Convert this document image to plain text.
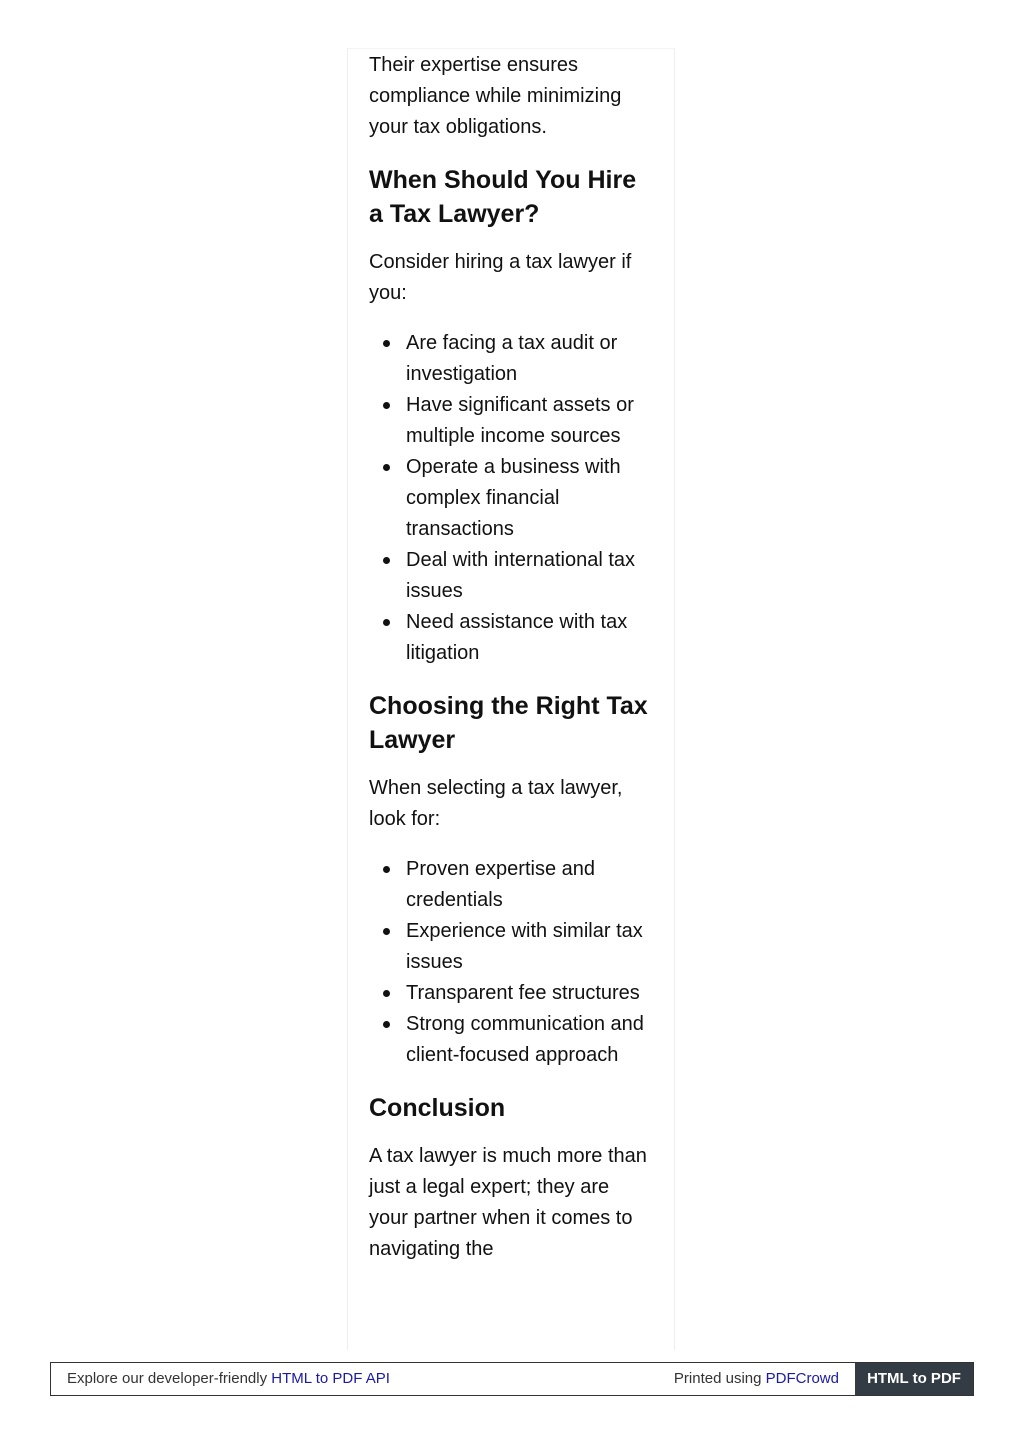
Their expertise ensures compliance while minimizing your tax obligations.

When Should You Hire a Tax Lawyer?

Consider hiring a tax lawyer if you:

Are facing a tax audit or investigation
Have significant assets or multiple income sources
Operate a business with complex financial transactions
Deal with international tax issues
Need assistance with tax litigation
Choosing the Right Tax Lawyer

When selecting a tax lawyer, look for:

Proven expertise and credentials
Experience with similar tax issues
Transparent fee structures
Strong communication and client-focused approach
Conclusion

A tax lawyer is much more than just a legal expert; they are your partner when it comes to navigating the

Explore our developer-friendly HTML to PDF API	Printed using PDFCrowd	HTML to PDF
